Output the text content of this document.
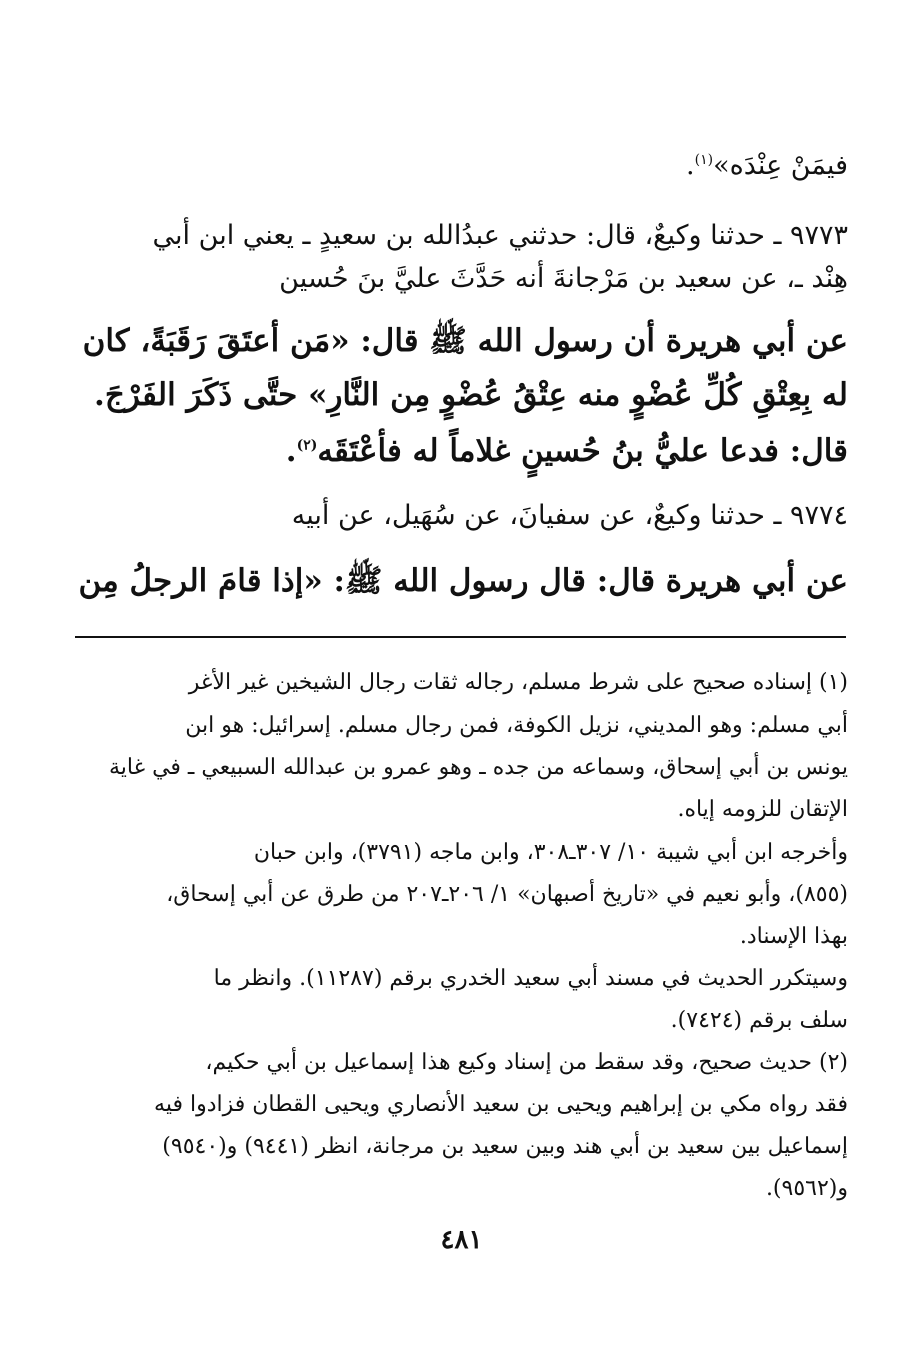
فيمَنْ عِنْدَه»$^{(١)}$.
٩٧٧٣ ـ حدثنا وكيعٌ، قال: حدثني عبدُالله بن سعيدٍ ـ يعني ابن أبي
هِنْد ـ، عن سعيد بن مَرْجانةَ أنه حَدَّثَ عليَّ بنَ حُسين
عن أبي هريرة أن رسول الله ﷺ قال: «مَن أعتَقَ رَقَبَةً، كان
له بِعِتْقِ كُلِّ عُضْوٍ منه عِتْقُ عُضْوٍ مِن النَّارِ» حتَّى ذَكَرَ الفَرْجَ.
قال: فدعا عليُّ بنُ حُسينٍ غلاماً له فأعْتَقَه$^{(٢)}$.
٩٧٧٤ ـ حدثنا وكيعٌ، عن سفيانَ، عن سُهَيل، عن أبيه
عن أبي هريرة قال: قال رسول الله ﷺ: «إذا قامَ الرجلُ مِن
(١) إسناده صحيح على شرط مسلم، رجاله ثقات رجال الشيخين غير الأغر
أبي مسلم: وهو المديني، نزيل الكوفة، فمن رجال مسلم. إسرائيل: هو ابن
يونس بن أبي إسحاق، وسماعه من جده ـ وهو عمرو بن عبدالله السبيعي ـ في غاية
الإتقان للزومه إياه.
وأخرجه ابن أبي شيبة ١٠/ ٣٠٧ـ٣٠٨، وابن ماجه (٣٧٩١)، وابن حبان
(٨٥٥)، وأبو نعيم في «تاريخ أصبهان» ١/ ٢٠٦ـ٢٠٧ من طرق عن أبي إسحاق،
بهذا الإسناد.
وسيتكرر الحديث في مسند أبي سعيد الخدري برقم (١١٢٨٧). وانظر ما
سلف برقم (٧٤٢٤).
(٢) حديث صحيح، وقد سقط من إسناد وكيع هذا إسماعيل بن أبي حكيم،
فقد رواه مكي بن إبراهيم ويحيى بن سعيد الأنصاري ويحيى القطان فزادوا فيه
إسماعيل بين سعيد بن أبي هند وبين سعيد بن مرجانة، انظر (٩٤٤١) و(٩٥٤٠)
و(٩٥٦٢).
٤٨١
